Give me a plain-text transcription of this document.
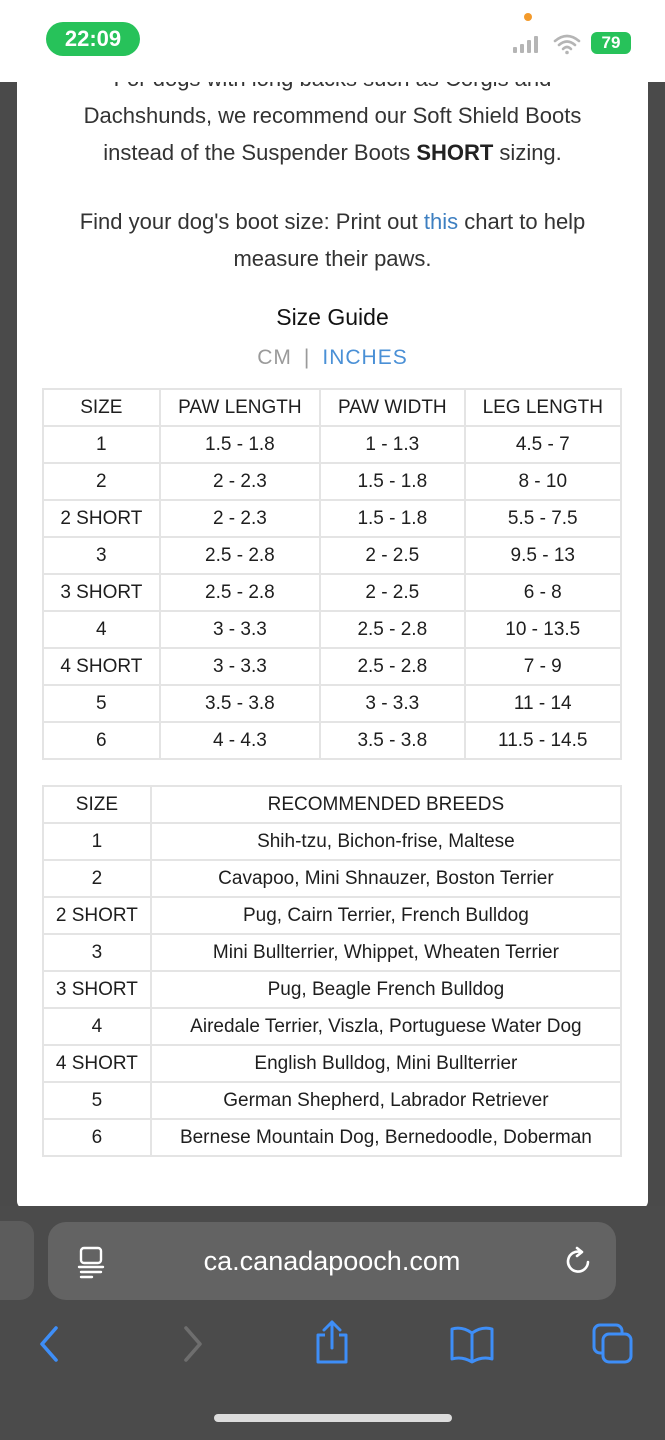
22:09	79
Dachshunds, we recommend our Soft Shield Boots
instead of the Suspender Boots SHORT sizing.
Find your dog's boot size: Print out this chart to help
measure their paws.
Size Guide
CM | INCHES
SIZE	PAW LENGTH	PAW WIDTH	LEG LENGTH
1	1.5 - 1.8	1 - 1.3	4.5 - 7
2	2 - 2.3	1.5 - 1.8	8 - 10
2 SHORT	2 - 2.3	1.5 - 1.8	5.5 - 7.5
3	2.5 - 2.8	2 - 2.5	9.5 - 13
3 SHORT	2.5 - 2.8	2 - 2.5	6 - 8
4	3 - 3.3	2.5 - 2.8	10 - 13.5
4 SHORT	3 - 3.3	2.5 - 2.8	7 - 9
5	3.5 - 3.8	3 - 3.3	11 - 14
6	4 - 4.3	3.5 - 3.8	11.5 - 14.5
SIZE	RECOMMENDED BREEDS
1	Shih-tzu, Bichon-frise, Maltese
2	Cavapoo, Mini Shnauzer, Boston Terrier
2 SHORT	Pug, Cairn Terrier, French Bulldog
3	Mini Bullterrier, Whippet, Wheaten Terrier
3 SHORT	Pug, Beagle French Bulldog
4	Airedale Terrier, Viszla, Portuguese Water Dog
4 SHORT	English Bulldog, Mini Bullterrier
5	German Shepherd, Labrador Retriever
6	Bernese Mountain Dog, Bernedoodle, Doberman
ca.canadapooch.com
